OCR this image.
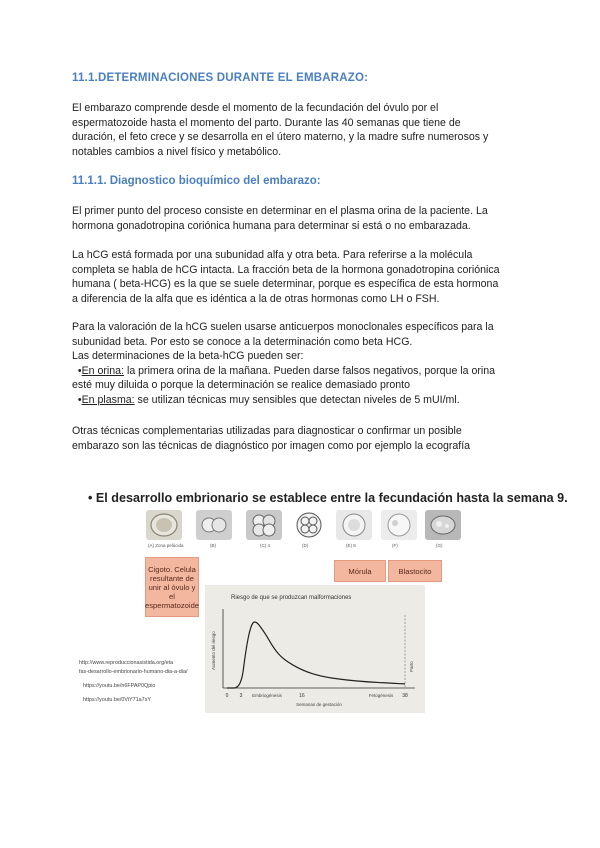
11.1.DETERMINACIONES DURANTE EL EMBARAZO:
El embarazo comprende desde el momento de la fecundación del óvulo por el
espermatozoide hasta el momento del parto. Durante las 40 semanas que tiene de
duración, el feto crece y se desarrolla en el útero materno, y la madre sufre numerosos y
notables cambios a nivel físico y metabólico.
11.1.1. Diagnostico bioquímico del embarazo:
El primer punto del proceso consiste en determinar en el plasma orina de la paciente. La
hormona gonadotropina coriónica humana para determinar si está o no embarazada.
La hCG está formada por una subunidad alfa y otra beta. Para referirse a la molécula
completa se habla de hCG intacta. La fracción beta de la hormona gonadotropina coriónica
humana ( beta-HCG) es la que se suele determinar, porque es específica de esta hormona
a diferencia de la alfa que es idéntica a la de otras hormonas como LH o FSH.
Para la valoración de la hCG suelen usarse anticuerpos monoclonales específicos para la
subunidad beta. Por esto se conoce a la determinación como beta HCG.
Las determinaciones de la beta-hCG pueden ser:
•En orina: la primera orina de la mañana. Pueden darse falsos negativos, porque la orina
esté muy diluida o porque la determinación se realice demasiado pronto
•En plasma: se utilizan técnicas muy sensibles que detectan niveles de 5 mUI/ml.
Otras técnicas complementarias utilizadas para diagnosticar o confirmar un posible
embarazo son las técnicas de diagnóstico por imagen como por ejemplo la ecografía
• El desarrollo embrionario se establece entre la fecundación hasta la semana 9.
(A) Zona pelúcida	(B)	(C) 4	(D)	(E) 8	(F)	(G)
Cigoto. Celula resultante de unir al óvulo y el espermatozoide
Mórula	Blastocito
Riesgo de que se produzcan malformaciones
Aumento del riesgo	Parto
0 3	16	38
Embriogénesis	Fetogénesis
Semanas de gestación
http://www.reproduccionasistida.org/eta
fas-desarrollo-embrionario-humano-dia-a-dia/
https://youtu.be/n6FPAP0Qpio
https://youtu.be/0ViY71a7sY
